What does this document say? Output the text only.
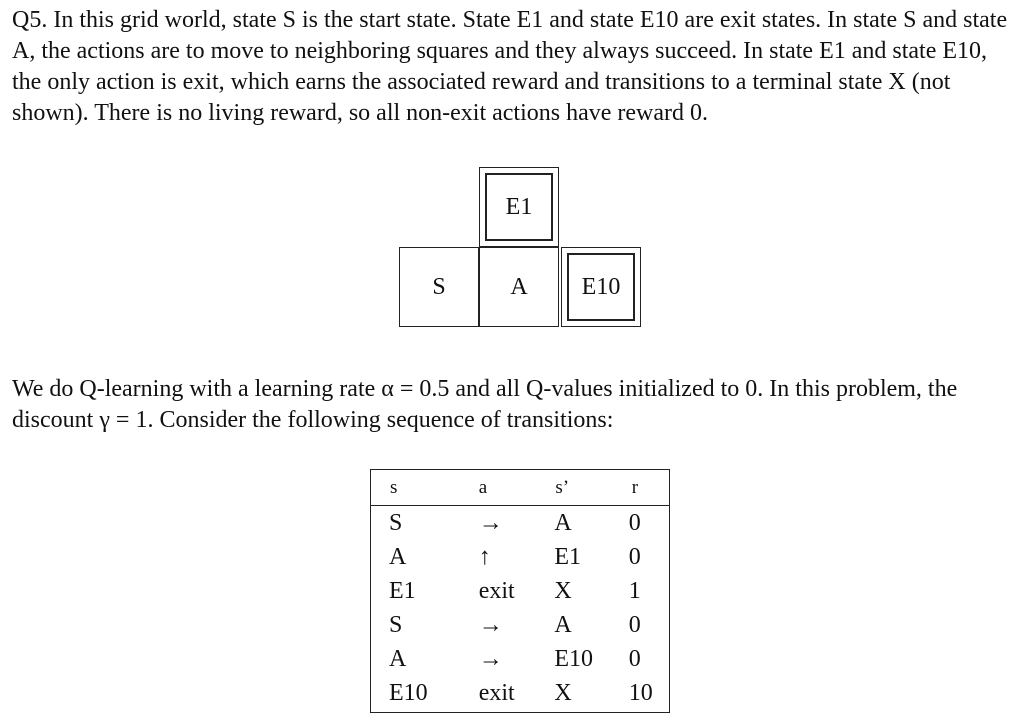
Q5. In this grid world, state S is the start state. State E1 and state E10 are exit states. In state S and state A, the actions are to move to neighboring squares and they always succeed. In state E1 and state E10, the only action is exit, which earns the associated reward and transitions to a terminal state X (not shown). There is no living reward, so all non-exit actions have reward 0.

E1
S	A E10

We do Q-learning with a learning rate α = 0.5 and all Q-values initialized to 0. In this problem, the discount γ = 1. Consider the following sequence of transitions:

s	a	s’	r
S	→	A	0
A	↑	E1	0
E1	exit	X	1
S	→	A	0
A	→	E10	0
E10	exit	X	10
